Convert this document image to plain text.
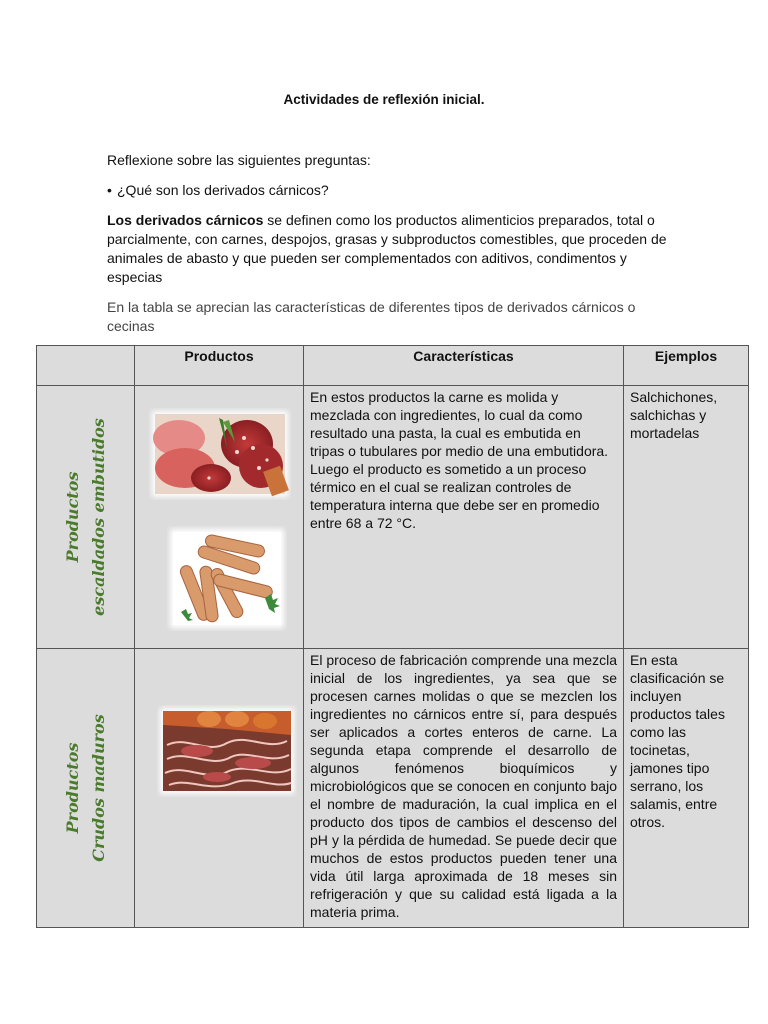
Actividades de reflexión inicial.
Reflexione sobre las siguientes preguntas:
• ¿Qué son los derivados cárnicos?
Los derivados cárnicos se definen como los productos alimenticios preparados, total o parcialmente, con carnes, despojos, grasas y subproductos comestibles, que proceden de animales de abasto y que pueden ser complementados con aditivos, condimentos y especias
En la tabla se aprecian las características de diferentes tipos de derivados cárnicos o cecinas

	Productos	Características	Ejemplos

Productos escaldados embutidos		En estos productos la carne es molida y mezclada con ingredientes, lo cual da como resultado una pasta, la cual es embutida en tripas o tubulares por medio de una embutidora. Luego el producto es sometido a un proceso térmico en el cual se realizan controles de temperatura interna que debe ser en promedio entre 68 a 72 °C.	Salchichones, salchichas y mortadelas

Productos Crudos maduros		El proceso de fabricación comprende una mezcla inicial de los ingredientes, ya sea que se procesen carnes molidas o que se mezclen los ingredientes no cárnicos entre sí, para después ser aplicados a cortes enteros de carne. La segunda etapa comprende el desarrollo de algunos fenómenos bioquímicos y microbiológicos que se conocen en conjunto bajo el nombre de maduración, la cual implica en el producto dos tipos de cambios el descenso del pH y la pérdida de humedad. Se puede decir que muchos de estos productos pueden tener una vida útil larga aproximada de 18 meses sin refrigeración y que su calidad está ligada a la materia prima.	En esta clasificación se incluyen productos tales como las tocinetas, jamones tipo serrano, los salamis, entre otros.
